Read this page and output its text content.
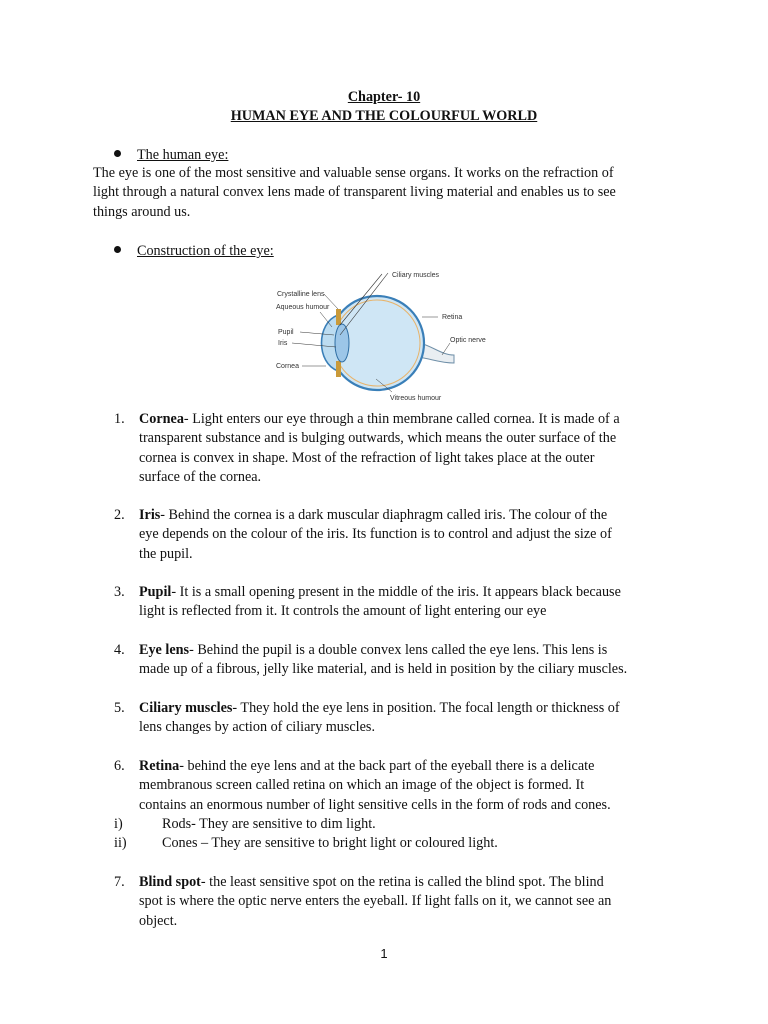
Chapter- 10
HUMAN EYE AND THE COLOURFUL WORLD
The human eye:
The eye is one of the most sensitive and valuable sense organs. It works on the refraction of
light through a natural convex lens made of transparent living material and enables us to see
things around us.
Construction of the eye:
Ciliary muscles
Crystalline lens
Aqueous humour
Pupil
Iris
Cornea
Retina
Optic nerve
Vitreous humour
1.	Cornea- Light enters our eye through a thin membrane called cornea. It is made of a
transparent substance and is bulging outwards, which means the outer surface of the
cornea is convex in shape. Most of the refraction of light takes place at the outer
surface of the cornea.
2.	Iris- Behind the cornea is a dark muscular diaphragm called iris. The colour of the
eye depends on the colour of the iris. Its function is to control and adjust the size of
the pupil.
3.	Pupil- It is a small opening present in the middle of the iris. It appears black because
light is reflected from it. It controls the amount of light entering our eye
4.	Eye lens- Behind the pupil is a double convex lens called the eye lens. This lens is
made up of a fibrous, jelly like material, and is held in position by the ciliary muscles.
5.	Ciliary muscles- They hold the eye lens in position. The focal length or thickness of
lens changes by action of ciliary muscles.
6.	Retina- behind the eye lens and at the back part of the eyeball there is a delicate
membranous screen called retina on which an image of the object is formed. It
contains an enormous number of light sensitive cells in the form of rods and cones.
i)	Rods- They are sensitive to dim light.
ii)	Cones – They are sensitive to bright light or coloured light.
7.	Blind spot- the least sensitive spot on the retina is called the blind spot. The blind
spot is where the optic nerve enters the eyeball. If light falls on it, we cannot see an
object.
1
